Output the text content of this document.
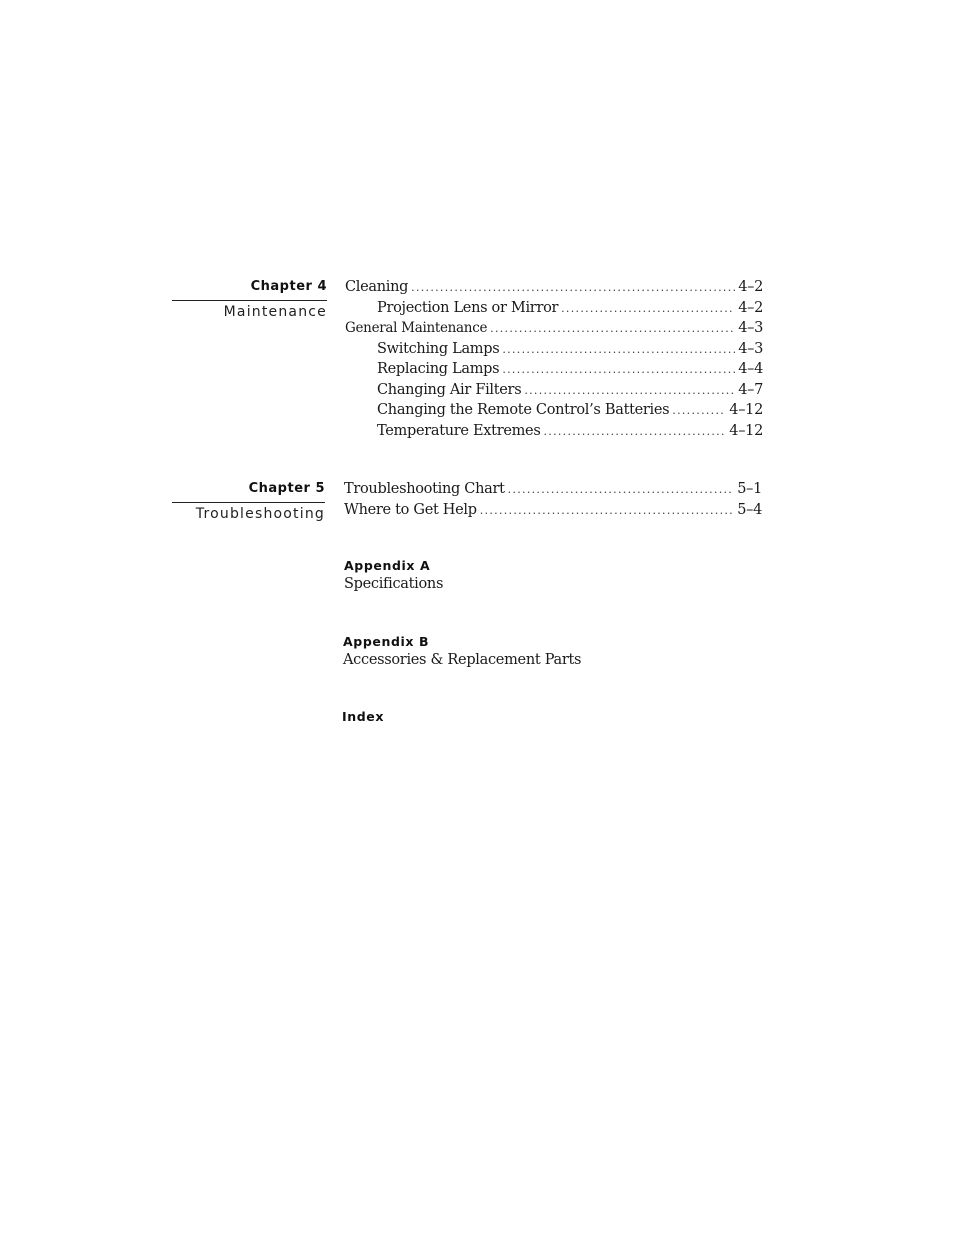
Chapter 4
Maintenance
Cleaning .....	4–2
Projection Lens or Mirror .....	4–2
General Maintenance .....	4–3
Switching Lamps .....	4–3
Replacing Lamps .....	4–4
Changing Air Filters .....	4–7
Changing the Remote Control’s Batteries .....	4–12
Temperature Extremes .....	4–12
Chapter 5
Troubleshooting
Troubleshooting Chart .....	5–1
Where to Get Help .....	5–4
Appendix A
Specifications
Appendix B
Accessories & Replacement Parts
Index
